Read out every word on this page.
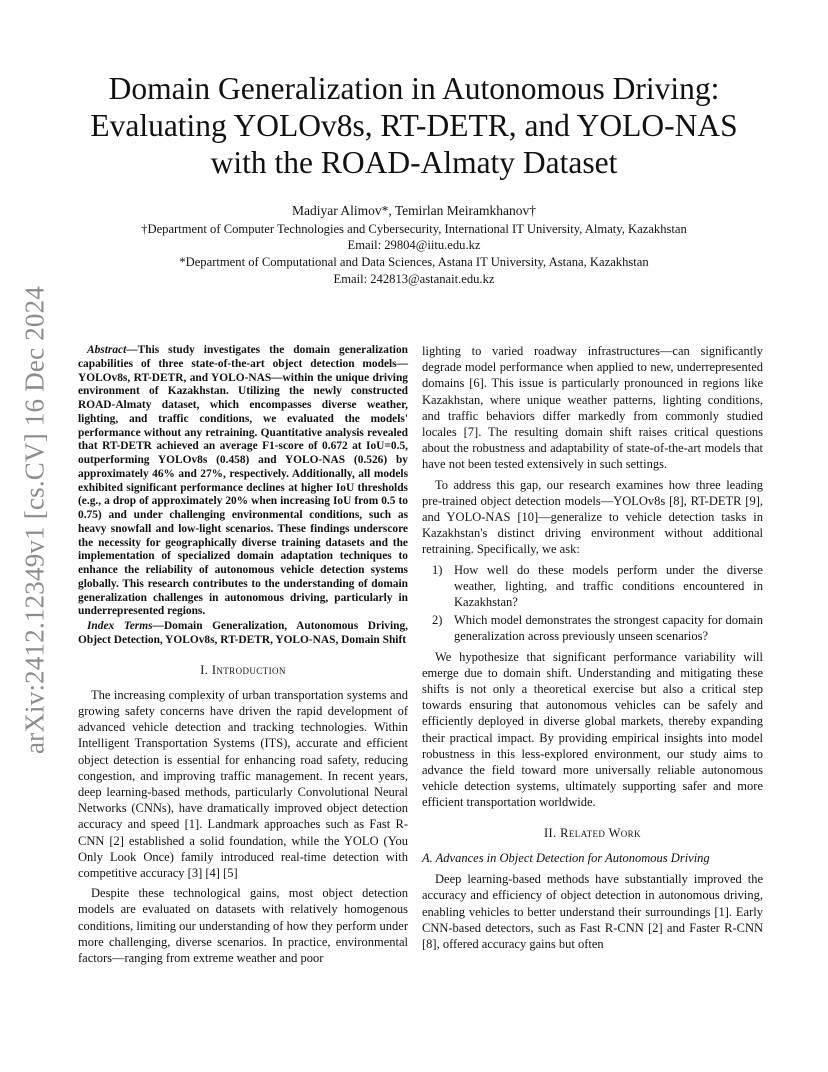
arXiv:2412.12349v1 [cs.CV] 16 Dec 2024
Domain Generalization in Autonomous Driving:
Evaluating YOLOv8s, RT-DETR, and YOLO-NAS
with the ROAD-Almaty Dataset
Madiyar Alimov*, Temirlan Meiramkhanov†
†Department of Computer Technologies and Cybersecurity, International IT University, Almaty, Kazakhstan
Email: 29804@iitu.edu.kz
*Department of Computational and Data Sciences, Astana IT University, Astana, Kazakhstan
Email: 242813@astanait.edu.kz

Abstract—This study investigates the domain generalization capabilities of three state-of-the-art object detection models—YOLOv8s, RT-DETR, and YOLO-NAS—within the unique driving environment of Kazakhstan. Utilizing the newly constructed ROAD-Almaty dataset, which encompasses diverse weather, lighting, and traffic conditions, we evaluated the models' performance without any retraining. Quantitative analysis revealed that RT-DETR achieved an average F1-score of 0.672 at IoU=0.5, outperforming YOLOv8s (0.458) and YOLO-NAS (0.526) by approximately 46% and 27%, respectively. Additionally, all models exhibited significant performance declines at higher IoU thresholds (e.g., a drop of approximately 20% when increasing IoU from 0.5 to 0.75) and under challenging environmental conditions, such as heavy snowfall and low-light scenarios. These findings underscore the necessity for geographically diverse training datasets and the implementation of specialized domain adaptation techniques to enhance the reliability of autonomous vehicle detection systems globally. This research contributes to the understanding of domain generalization challenges in autonomous driving, particularly in underrepresented regions.

Index Terms—Domain Generalization, Autonomous Driving, Object Detection, YOLOv8s, RT-DETR, YOLO-NAS, Domain Shift

I. Introduction

The increasing complexity of urban transportation systems and growing safety concerns have driven the rapid development of advanced vehicle detection and tracking technologies. Within Intelligent Transportation Systems (ITS), accurate and efficient object detection is essential for enhancing road safety, reducing congestion, and improving traffic management. In recent years, deep learning-based methods, particularly Convolutional Neural Networks (CNNs), have dramatically improved object detection accuracy and speed [1]. Landmark approaches such as Fast R-CNN [2] established a solid foundation, while the YOLO (You Only Look Once) family introduced real-time detection with competitive accuracy [3] [4] [5]

Despite these technological gains, most object detection models are evaluated on datasets with relatively homogenous conditions, limiting our understanding of how they perform under more challenging, diverse scenarios. In practice, environmental factors—ranging from extreme weather and poor

lighting to varied roadway infrastructures—can significantly degrade model performance when applied to new, underrepresented domains [6]. This issue is particularly pronounced in regions like Kazakhstan, where unique weather patterns, lighting conditions, and traffic behaviors differ markedly from commonly studied locales [7]. The resulting domain shift raises critical questions about the robustness and adaptability of state-of-the-art models that have not been tested extensively in such settings.

To address this gap, our research examines how three leading pre-trained object detection models—YOLOv8s [8], RT-DETR [9], and YOLO-NAS [10]—generalize to vehicle detection tasks in Kazakhstan's distinct driving environment without additional retraining. Specifically, we ask:

1) How well do these models perform under the diverse weather, lighting, and traffic conditions encountered in Kazakhstan?
2) Which model demonstrates the strongest capacity for domain generalization across previously unseen scenarios?

We hypothesize that significant performance variability will emerge due to domain shift. Understanding and mitigating these shifts is not only a theoretical exercise but also a critical step towards ensuring that autonomous vehicles can be safely and efficiently deployed in diverse global markets, thereby expanding their practical impact. By providing empirical insights into model robustness in this less-explored environment, our study aims to advance the field toward more universally reliable autonomous vehicle detection systems, ultimately supporting safer and more efficient transportation worldwide.

II. Related Work
A. Advances in Object Detection for Autonomous Driving

Deep learning-based methods have substantially improved the accuracy and efficiency of object detection in autonomous driving, enabling vehicles to better understand their surroundings [1]. Early CNN-based detectors, such as Fast R-CNN [2] and Faster R-CNN [8], offered accuracy gains but often
